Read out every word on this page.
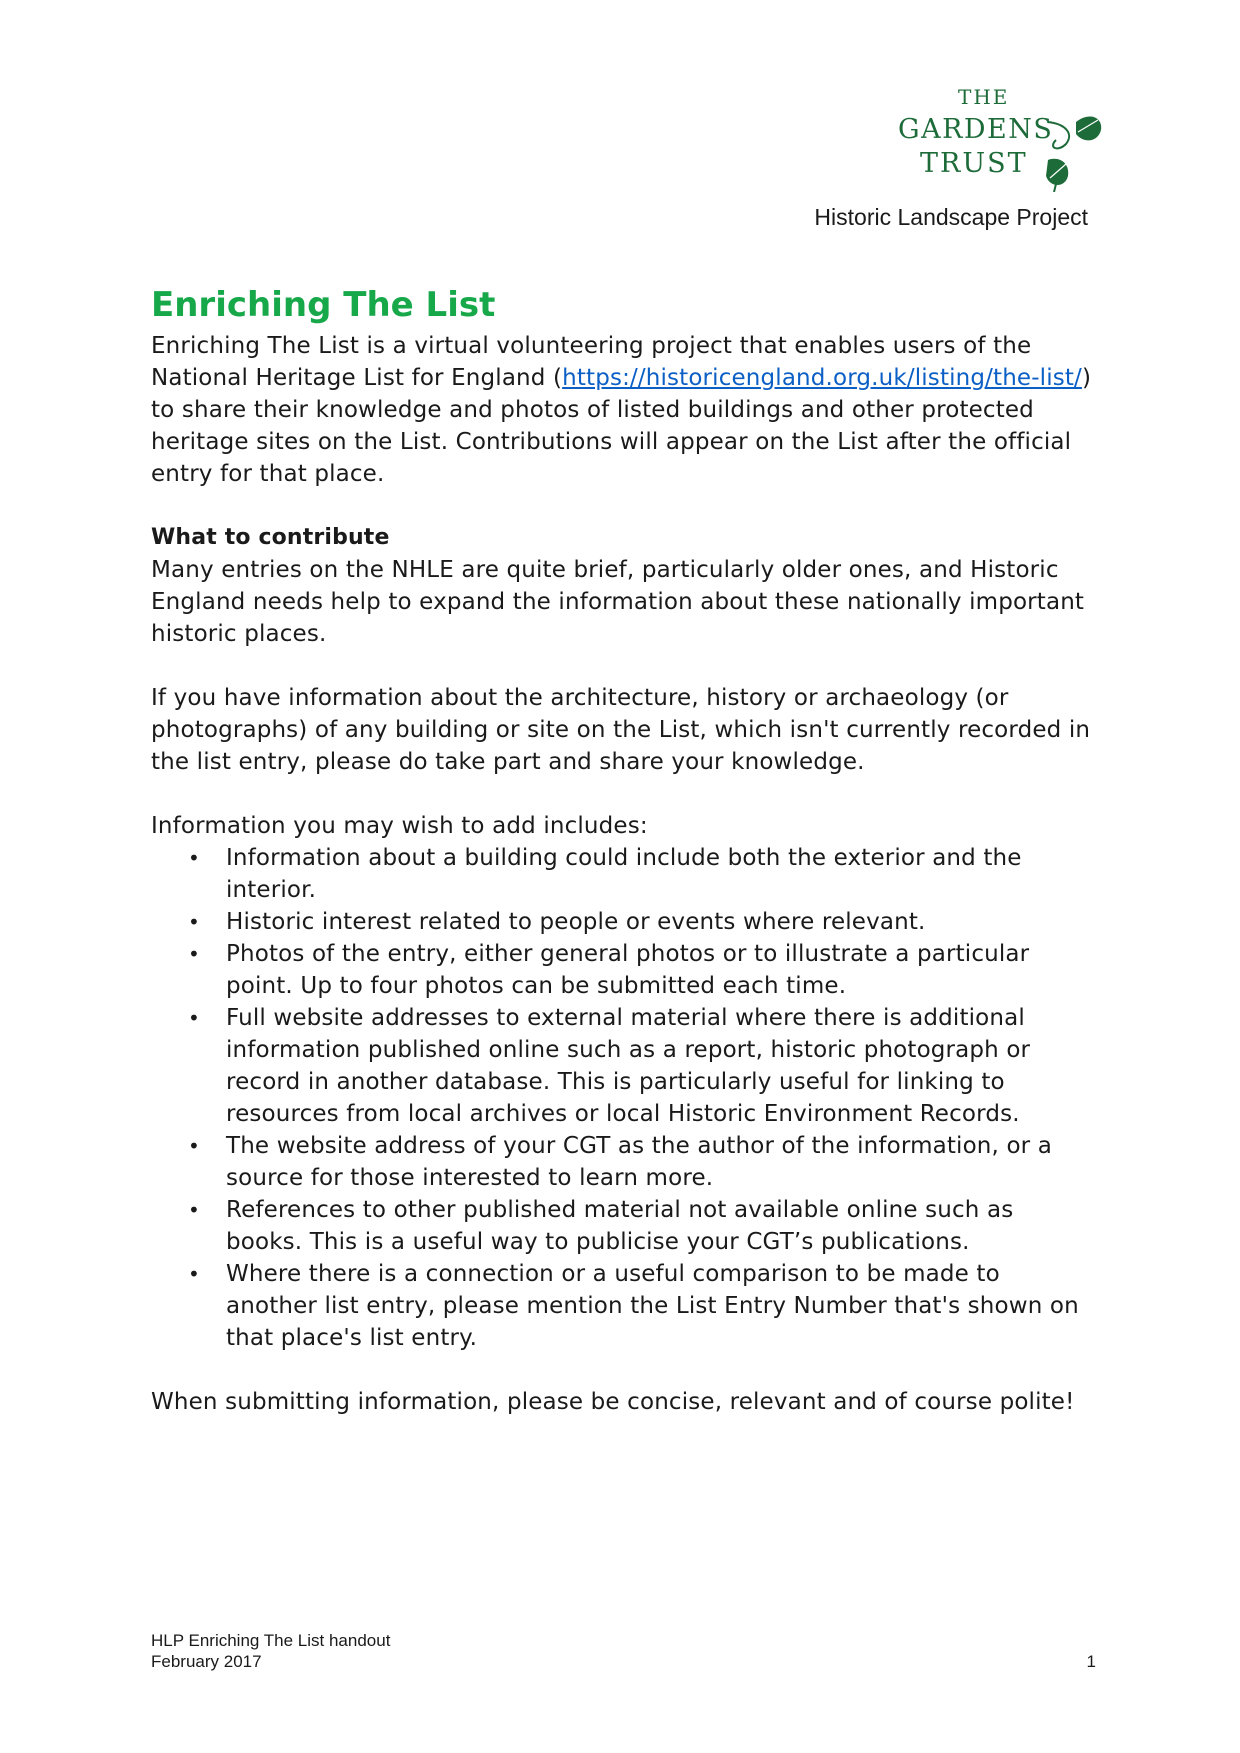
THE
GARDENS
TRUST
Historic Landscape Project
Enriching The List

Enriching The List is a virtual volunteering project that enables users of the National Heritage List for England (https://historicengland.org.uk/listing/the-list/) to share their knowledge and photos of listed buildings and other protected heritage sites on the List. Contributions will appear on the List after the official entry for that place.

What to contribute

Many entries on the NHLE are quite brief, particularly older ones, and Historic England needs help to expand the information about these nationally important historic places.

If you have information about the architecture, history or archaeology (or photographs) of any building or site on the List, which isn't currently recorded in the list entry, please do take part and share your knowledge.

Information you may wish to add includes:

• Information about a building could include both the exterior and the interior.
• Historic interest related to people or events where relevant.
• Photos of the entry, either general photos or to illustrate a particular point. Up to four photos can be submitted each time.
• Full website addresses to external material where there is additional information published online such as a report, historic photograph or record in another database. This is particularly useful for linking to resources from local archives or local Historic Environment Records.
• The website address of your CGT as the author of the information, or a source for those interested to learn more.
• References to other published material not available online such as books. This is a useful way to publicise your CGT’s publications.
• Where there is a connection or a useful comparison to be made to another list entry, please mention the List Entry Number that's shown on that place's list entry.

When submitting information, please be concise, relevant and of course polite!

HLP Enriching The List handout
February 2017	1
